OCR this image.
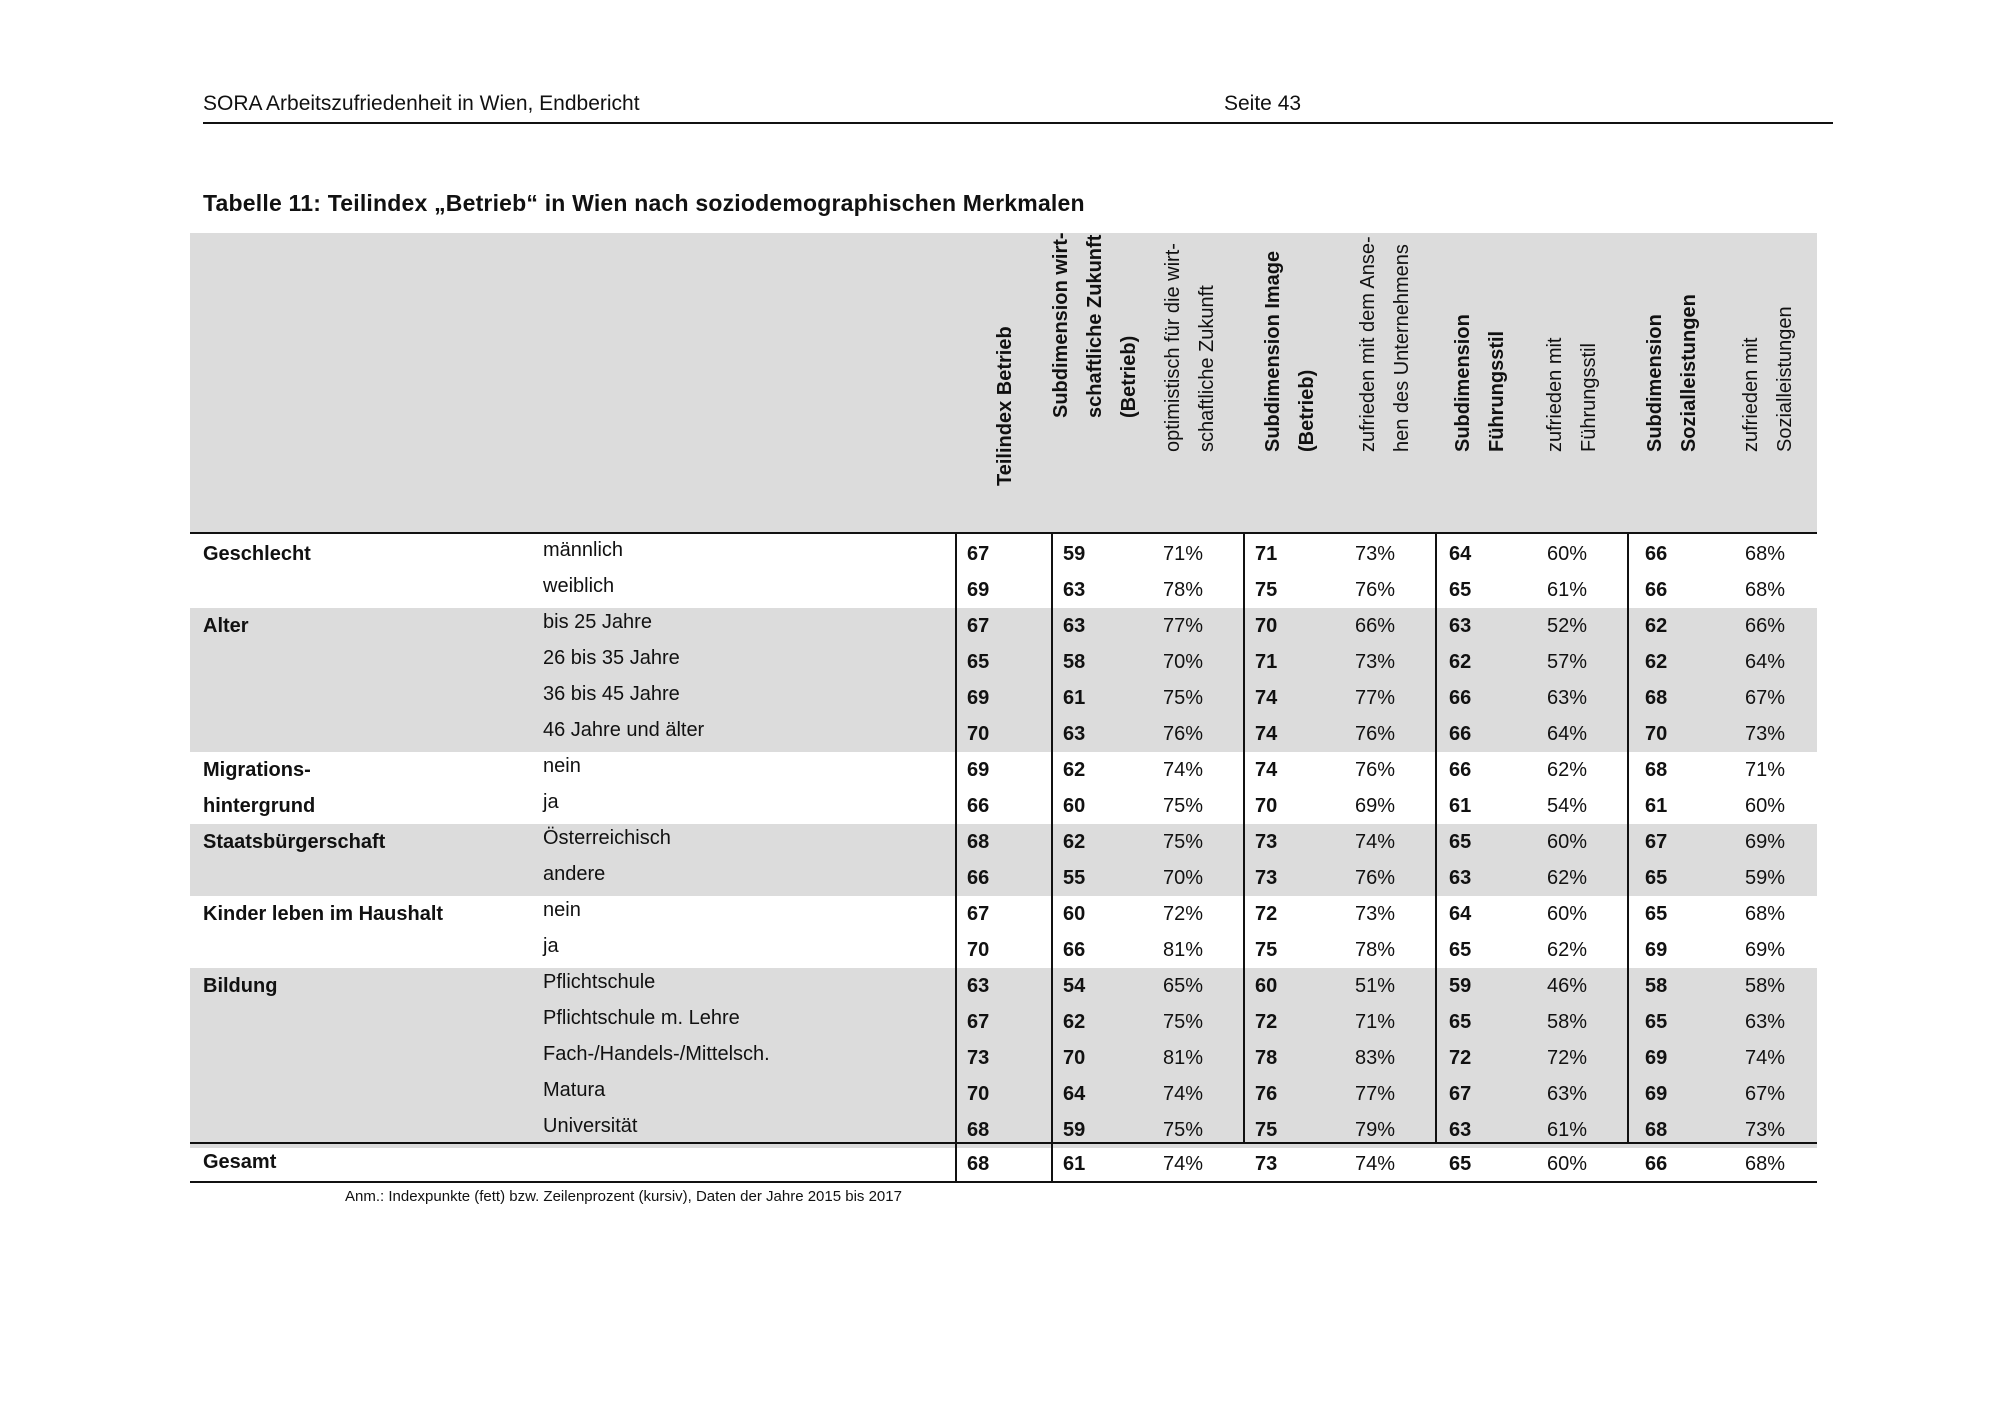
SORA Arbeitszufriedenheit in Wien, Endbericht	Seite 43
Tabelle 11: Teilindex „Betrieb“ in Wien nach soziodemographischen Merkmalen
Teilindex Betrieb	Subdimension wirt-
schaftliche Zukunft
(Betrieb)	optimistisch für die wirt-
schaftliche Zukunft	Subdimension Image
(Betrieb)	zufrieden mit dem Anse-
hen des Unternehmens
Subdimension
Führungsstil	zufrieden mit
Führungsstil	Subdimension
Sozialleistungen	zufrieden mit
Sozialleistungen
Geschlecht	männlich	67	59	71%	71	73%	64	60%	66	68%
weiblich	69	63	78%	75	76%	65	61%	66	68%
Alter	bis 25 Jahre	67	63	77%	70	66%	63	52%	62	66%
26 bis 35 Jahre	65	58	70%	71	73%	62	57%	62	64%
36 bis 45 Jahre	69	61	75%	74	77%	66	63%	68	67%
46 Jahre und älter	70	63	76%	74	76%	66	64%	70	73%
Migrations-
hintergrund
nein	69	62	74%	74	76%	66	62%	68	71%
ja	66	60	75%	70	69%	61	54%	61	60%
Staatsbürgerschaft	Österreichisch	68	62	75%	73	74%	65	60%	67	69%
andere	66	55	70%	73	76%	63	62%	65	59%
Kinder leben im Haushalt	nein	67	60	72%	72	73%	64	60%	65	68%
ja	70	66	81%	75	78%	65	62%	69	69%
Bildung	Pflichtschule	63	54	65%	60	51%	59	46%	58	58%
Pflichtschule m. Lehre	67	62	75%	72	71%	65	58%	65	63%
Fach-/Handels-/Mittelsch.	73	70	81%	78	83%	72	72%	69	74%
Matura	70	64	74%	76	77%	67	63%	69	67%
Universität	68	59	75%	75	79%	63	61%	68	73%
Gesamt	68	61	74%	73	74%	65	60%	66	68%
Anm.: Indexpunkte (fett) bzw. Zeilenprozent (kursiv), Daten der Jahre 2015 bis 2017
